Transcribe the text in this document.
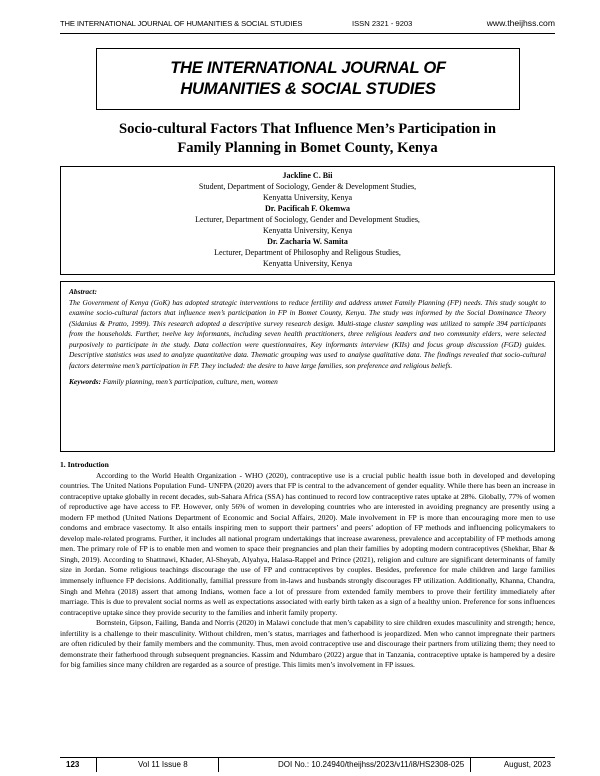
THE INTERNATIONAL JOURNAL OF HUMANITIES & SOCIAL STUDIES	ISSN 2321 - 9203	www.theijhss.com
THE INTERNATIONAL JOURNAL OF
HUMANITIES & SOCIAL STUDIES
Socio-cultural Factors That Influence Men’s Participation in
Family Planning in Bomet County, Kenya
Jackline C. Bii
Student, Department of Sociology, Gender & Development Studies,
Kenyatta University, Kenya
Dr. Pacificah F. Okemwa
Lecturer, Department of Sociology, Gender and Development Studies,
Kenyatta University, Kenya
Dr. Zacharia W. Samita
Lecturer, Department of Philosophy and Religous Studies,
Kenyatta University, Kenya
Abstract:
The Government of Kenya (GoK) has adopted strategic interventions to reduce fertility and address unmet Family Planning (FP) needs. This study sought to examine socio-cultural factors that influence men’s participation in FP in Bomet County, Kenya. The study was informed by the Social Dominance Theory (Sidanius & Pratto, 1999). This research adopted a descriptive survey research design. Multi-stage cluster sampling was utilized to sample 394 participants from the households. Further, twelve key informants, including seven health practitioners, three religious leaders and two community elders, were selected purposively to participate in the study. Data collection were questionnaires, Key informants interview (KIIs) and focus group discussion (FGD) guides. Descriptive statistics was used to analyze quantitative data. Thematic grouping was used to analyse qualitative data. The findings revealed that socio-cultural factors determine men’s participation in FP. They included: the desire to have large families, son preference and religious beliefs.
Keywords: Family planning, men’s participation, culture, men, women
1. Introduction

According to the World Health Organization - WHO (2020), contraceptive use is a crucial public health issue both in developed and developing countries. The United Nations Population Fund- UNFPA (2020) avers that FP is central to the advancement of gender equality. While there has been an increase in contraceptive uptake globally in recent decades, sub-Sahara Africa (SSA) has continued to record low contraceptive rates uptake at 28%. Globally, 77% of women of reproductive age have access to FP. However, only 56% of women in developing countries who are interested in avoiding pregnancy are presently using a modern FP method (United Nations Department of Economic and Social Affairs, 2020). Male involvement in FP is more than encouraging more men to use condoms and embrace vasectomy. It also entails inspiring men to support their partners’ and peers’ adoption of FP methods and influencing policymakers to develop male-related programs. Further, it includes all national program undertakings that increase awareness, prevalence and acceptability of FP methods among men. The primary role of FP is to enable men and women to space their pregnancies and plan their families by adopting modern contraceptives (Shekhar, Bhar & Singh, 2019). According to Shattnawi, Khader, Al-Sheyab, Alyahya, Halasa-Rappel and Prince (2021), religion and culture are significant determinants of family size in Jordan. Some religious teachings discourage the use of FP and contraceptives by couples. Besides, preference for male children and large families immensely influence FP decisions. Additionally, familial pressure from in-laws and husbands strongly discourages FP utilization. Additionally, Khanna, Chandra, Singh and Mehra (2018) assert that among Indians, women face a lot of pressure from extended family members to prove their fertility immediately after marriage. This is due to prevalent social norms as well as expectations associated with early birth taken as a sign of a healthy union. Preference for sons influences contraceptive uptake since they provide security to the families and inherit family property.

Bornstein, Gipson, Failing, Banda and Norris (2020) in Malawi conclude that men’s capability to sire children exudes masculinity and strength; hence, infertility is a challenge to their masculinity. Without children, men’s status, marriages and fatherhood is jeopardized. Men who cannot impregnate their partners are often ridiculed by their family members and the community. Thus, men avoid contraceptive use and discourage their partners from utilizing them; they need to demonstrate their fatherhood through subsequent pregnancies. Kassim and Ndumbaro (2022) argue that in Tanzania, contraceptive uptake is hampered by a desire for big families since many children are regarded as a source of prestige. This limits men’s involvement in FP issues.

123	Vol 11 Issue 8	DOI No.: 10.24940/theijhss/2023/v11/i8/HS2308-025	August, 2023
